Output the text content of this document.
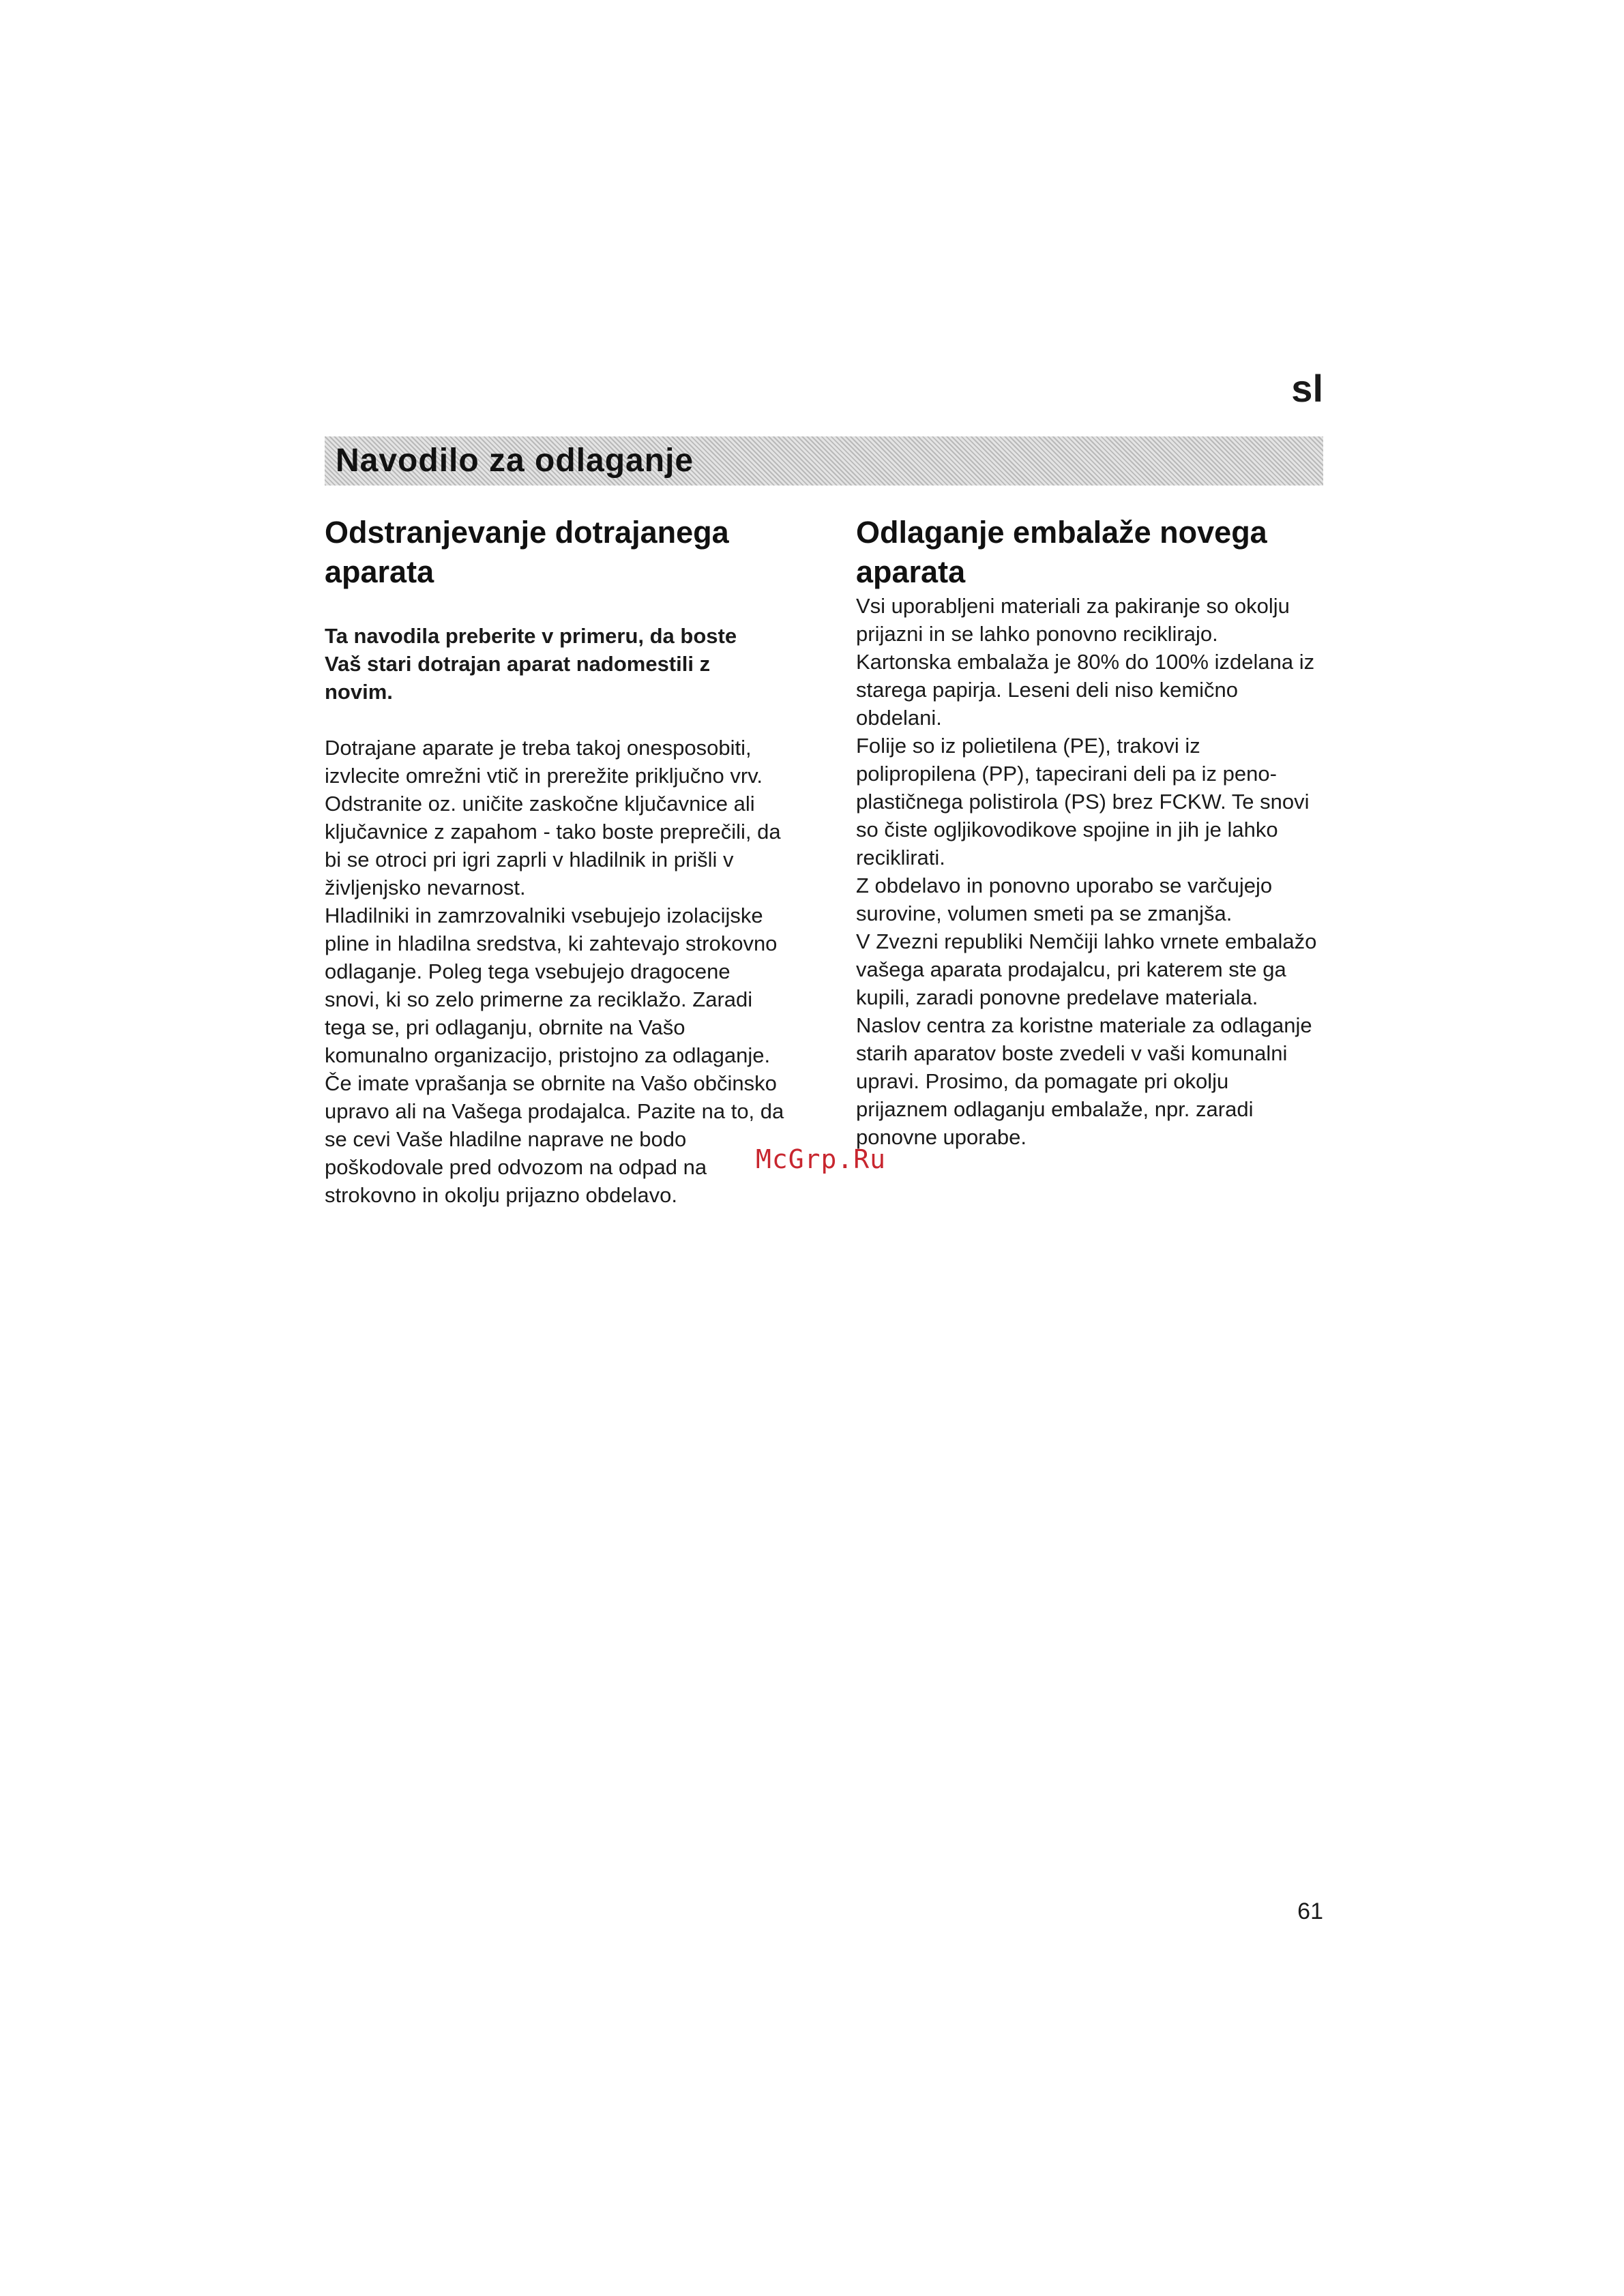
sl
Navodilo za odlaganje
Odstranjevanje dotrajanega
aparata

Ta navodila preberite v primeru, da boste
Vaš stari dotrajan aparat nadomestili z
novim.

Dotrajane aparate je treba takoj onesposobiti,
izvlecite omrežni vtič in prerežite priključno vrv.
Odstranite oz. uničite zaskočne ključavnice ali
ključavnice z zapahom - tako boste preprečili, da
bi se otroci pri igri zaprli v hladilnik in prišli v
življenjsko nevarnost.
Hladilniki in zamrzovalniki vsebujejo izolacijske
pline in hladilna sredstva, ki zahtevajo strokovno
odlaganje. Poleg tega vsebujejo dragocene
snovi, ki so zelo primerne za reciklažo. Zaradi
tega se, pri odlaganju, obrnite na Vašo
komunalno organizacijo, pristojno za odlaganje.
Če imate vprašanja se obrnite na Vašo občinsko
upravo ali na Vašega prodajalca. Pazite na to, da
se cevi Vaše hladilne naprave ne bodo
poškodovale pred odvozom na odpad na
strokovno in okolju prijazno obdelavo.

Odlaganje embalaže novega
aparata

Vsi uporabljeni materiali za pakiranje so okolju
prijazni in se lahko ponovno reciklirajo.
Kartonska embalaža je 80% do 100% izdelana iz
starega papirja. Leseni deli niso kemično
obdelani.
Folije so iz polietilena (PE), trakovi iz
polipropilena (PP), tapecirani deli pa iz peno-
plastičnega polistirola (PS) brez FCKW. Te snovi
so čiste ogljikovodikove spojine in jih je lahko
reciklirati.
Z obdelavo in ponovno uporabo se varčujejo
surovine, volumen smeti pa se zmanjša.
V Zvezni republiki Nemčiji lahko vrnete embalažo
vašega aparata prodajalcu, pri katerem ste ga
kupili, zaradi ponovne predelave materiala.
Naslov centra za koristne materiale za odlaganje
starih aparatov boste zvedeli v vaši komunalni
upravi. Prosimo, da pomagate pri okolju
prijaznem odlaganju embalaže, npr. zaradi
ponovne uporabe.

McGrp.Ru
61
